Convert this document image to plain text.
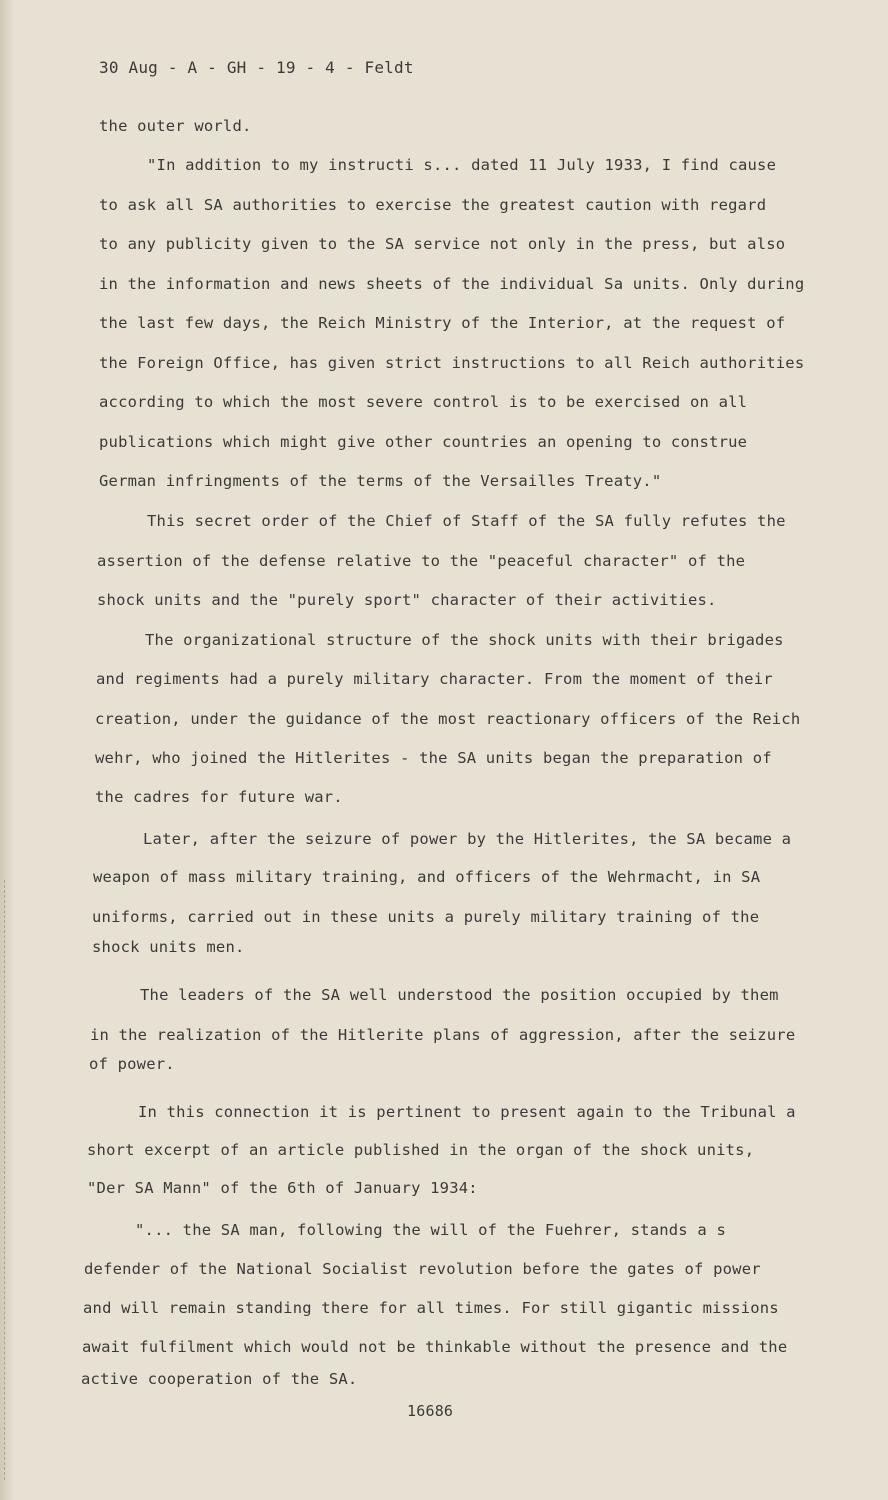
30 Aug - A - GH - 19 - 4 - Feldt
the outer world.
"In addition to my instructi s... dated 11 July 1933, I find cause
to ask all SA authorities to exercise the greatest caution with regard
to any publicity given to the SA service not only in the press, but also
in the information and news sheets of the individual Sa units. Only during
the last few days, the Reich Ministry of the Interior, at the request of
the Foreign Office, has given strict instructions to all Reich authorities
according to which the most severe control is to be exercised on all
publications which might give other countries an opening to construe
German infringments of the terms of the Versailles Treaty."
This secret order of the Chief of Staff of the SA fully refutes the
assertion of the defense relative to the "peaceful character" of the
shock units and the "purely sport" character of their activities.
The organizational structure of the shock units with their brigades
and regiments had a purely military character. From the moment of their
creation, under the guidance of the most reactionary officers of the Reich
wehr, who joined the Hitlerites - the SA units began the preparation of
the cadres for future war.
Later, after the seizure of power by the Hitlerites, the SA became a
weapon of mass military training, and officers of the Wehrmacht, in SA
uniforms, carried out in these units a purely military training of the
shock units men.
The leaders of the SA well understood the position occupied by them
in the realization of the Hitlerite plans of aggression, after the seizure
of power.
In this connection it is pertinent to present again to the Tribunal a
short excerpt of an article published in the organ of the shock units,
"Der SA Mann" of the 6th of January 1934:
"... the SA man, following the will of the Fuehrer, stands a s
defender of the National Socialist revolution before the gates of power
and will remain standing there for all times. For still gigantic missions
await fulfilment which would not be thinkable without the presence and the
active cooperation of the SA.
16686
